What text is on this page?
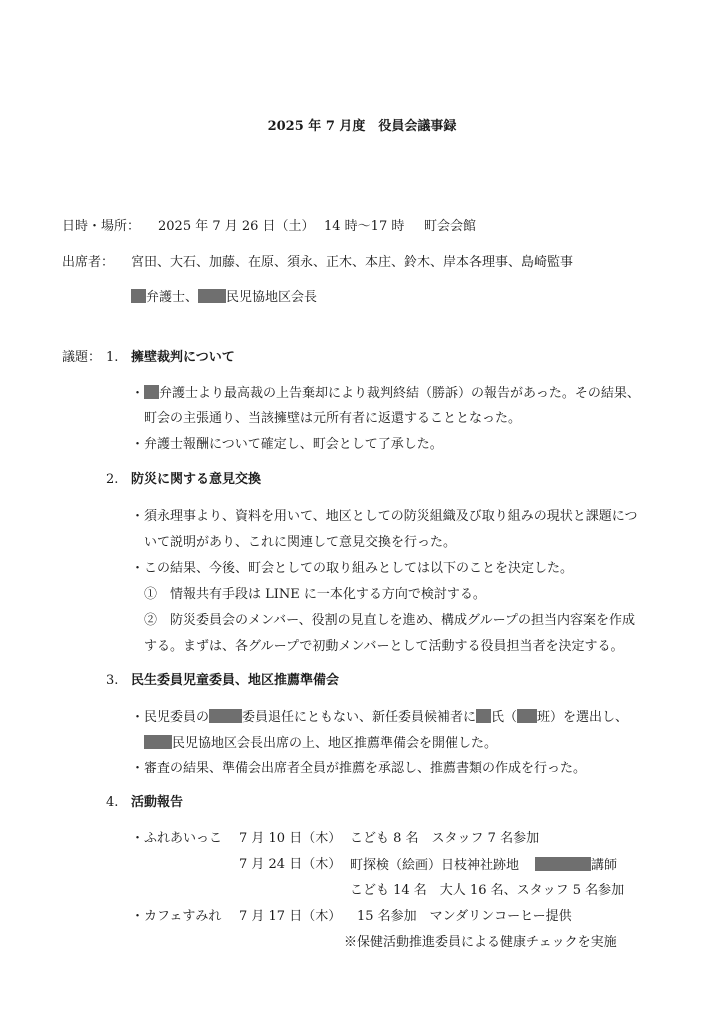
2025 年 7 月度　役員会議事録
日時・場所： 2025 年 7 月 26 日（土） 14 時～17 時 町会会館
出席者： 宮田、大石、加藤、在原、須永、正木、本庄、鈴木、岸本各理事、島崎監事
弁護士、 民児協地区会長
議題： 1. 擁壁裁判について
・ 弁護士より最高裁の上告棄却により裁判終結（勝訴）の報告があった。その結果、
町会の主張通り、当該擁壁は元所有者に返還することとなった。
・弁護士報酬について確定し、町会として了承した。
2. 防災に関する意見交換
・須永理事より、資料を用いて、地区としての防災組織及び取り組みの現状と課題につ
いて説明があり、これに関連して意見交換を行った。
・この結果、今後、町会としての取り組みとしては以下のことを決定した。
①　情報共有手段は LINE に一本化する方向で検討する。
②　防災委員会のメンバー、役割の見直しを進め、構成グループの担当内容案を作成
する。まずは、各グループで初動メンバーとして活動する役員担当者を決定する。
3. 民生委員児童委員、地区推薦準備会
・民児委員の	委員退任にともない、新任委員候補者に 氏（ 班）を選出し、
民児協地区会長出席の上、地区推薦準備会を開催した。
・審査の結果、準備会出席者全員が推薦を承認し、推薦書類の作成を行った。
4. 活動報告
・ふれあいっこ 7 月 10 日（木） こども 8 名　スタッフ 7 名参加
7 月 24 日（木） 町探検（絵画）日枝神社跡地	講師
こども 14 名　大人 16 名、スタッフ 5 名参加
・カフェすみれ 7 月 17 日（木） 15 名参加　マンダリンコーヒー提供
※保健活動推進委員による健康チェックを実施
